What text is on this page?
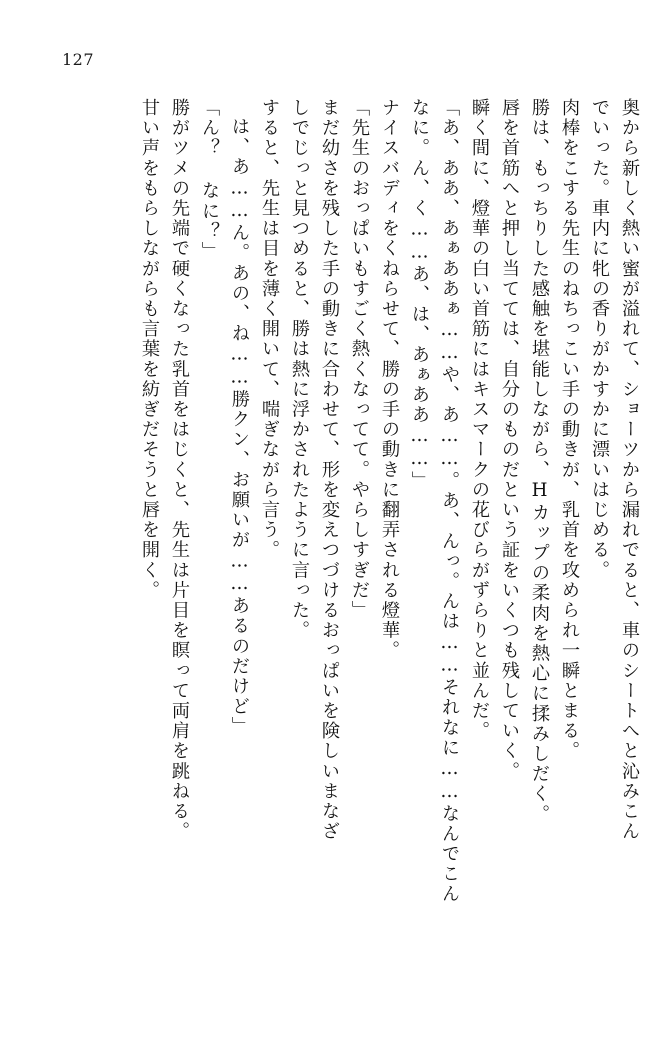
127
奥から新しく熱い蜜が溢れて、ショーツから漏れでると、車のシートへと沁みこん
でいった。車内に牝の香りがかすかに漂いはじめる。
肉棒をこする先生のねちっこい手の動きが、乳首を攻められ一瞬とまる。
勝は、もっちりした感触を堪能しながら、Hカップの柔肉を熱心に揉みしだく。
唇を首筋へと押し当てては、自分のものだという証をいくつも残していく。
瞬く間に、燈華の白い首筋にはキスマークの花びらがずらりと並んだ。
「あ、ああ、あぁああぁ……や、あ……。あ、んっ。んは……それなに……なんでこん
なに。ん、く……あ、は、あぁああ……」
ナイスバディをくねらせて、勝の手の動きに翻弄される燈華。
「先生のおっぱいもすごく熱くなってて。やらしすぎだ」
まだ幼さを残した手の動きに合わせて、形を変えつづけるおっぱいを険しいまなざ
しでじっと見つめると、勝は熱に浮かされたように言った。
すると、先生は目を薄く開いて、喘ぎながら言う。
は、あ……ん。あの、ね……勝クン、お願いが……あるのだけど」
「ん？ なに？」
勝がツメの先端で硬くなった乳首をはじくと、先生は片目を瞑って両肩を跳ねる。
甘い声をもらしながらも言葉を紡ぎだそうと唇を開く。
